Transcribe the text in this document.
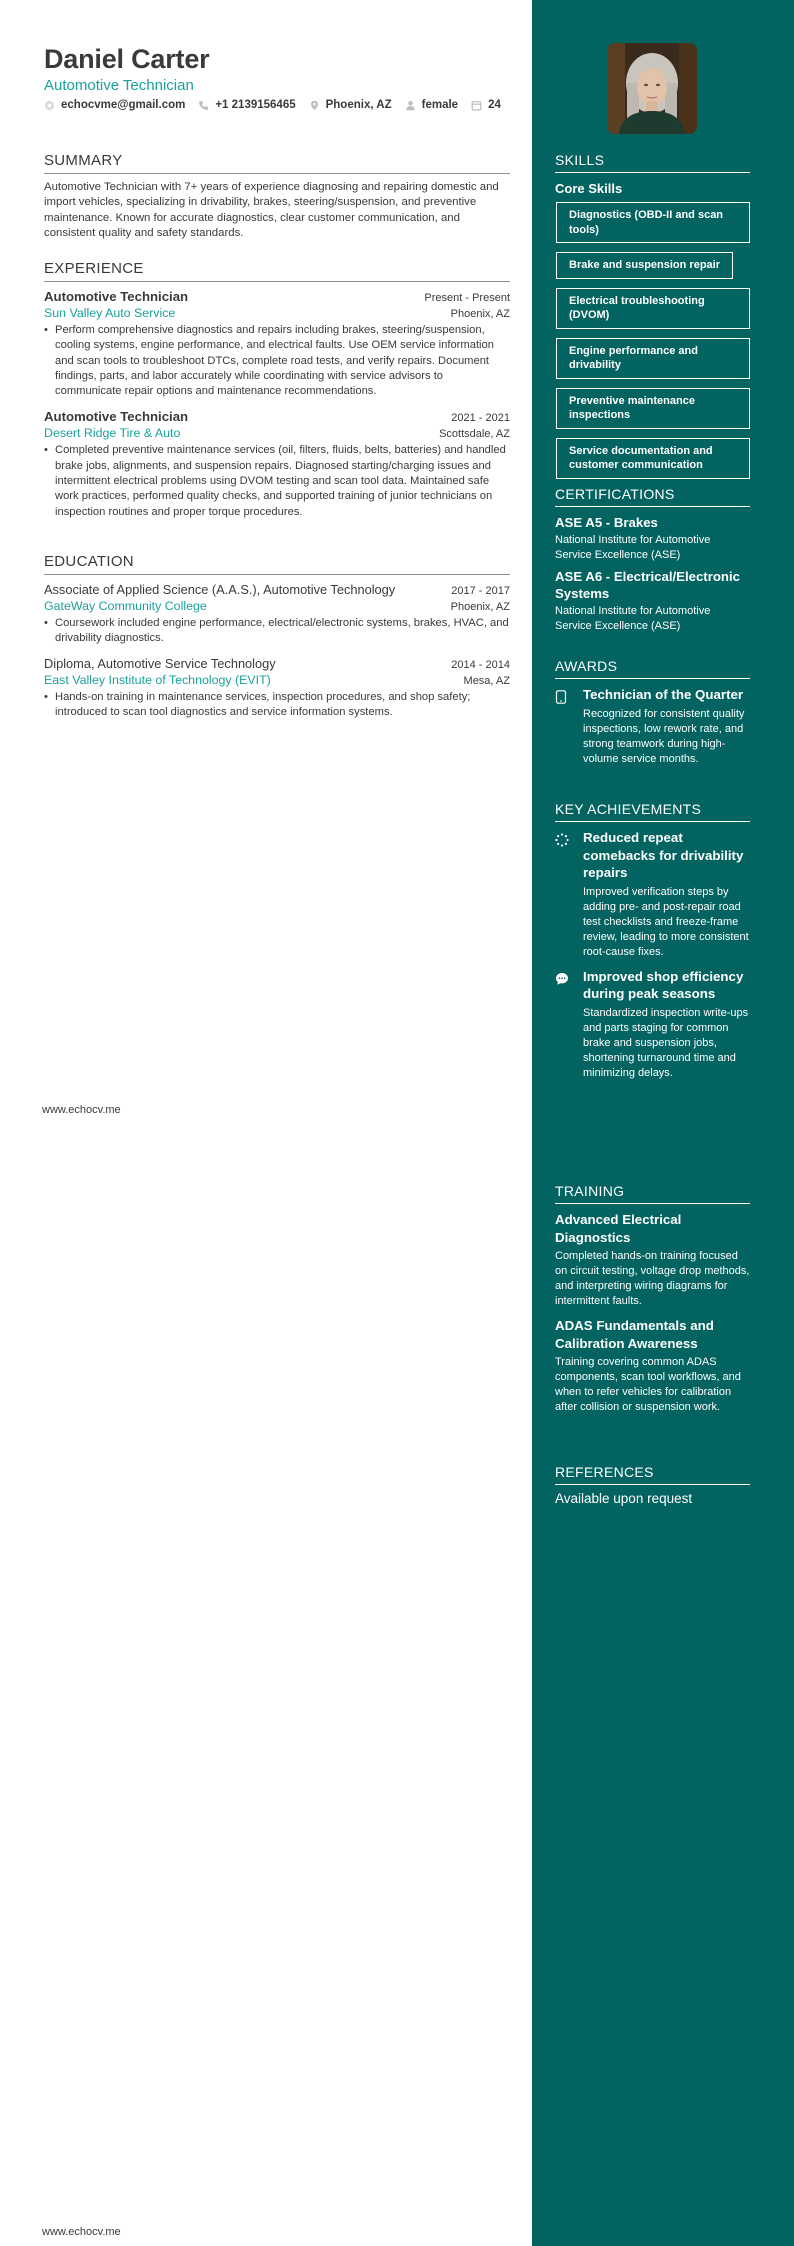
Daniel Carter
Automotive Technician
echocvme@gmail.com	+1 2139156465	Phoenix, AZ	female	24
SUMMARY

Automotive Technician with 7+ years of experience diagnosing and repairing domestic and import vehicles, specializing in drivability, brakes, steering/suspension, and preventive maintenance. Known for accurate diagnostics, clear customer communication, and consistent quality and safety standards.

EXPERIENCE
Automotive Technician	Present - Present
Sun Valley Auto Service	Phoenix, AZ
• Perform comprehensive diagnostics and repairs including brakes, steering/suspension, cooling systems, engine performance, and electrical faults. Use OEM service information and scan tools to troubleshoot DTCs, complete road tests, and verify repairs. Document findings, parts, and labor accurately while coordinating with service advisors to communicate repair options and maintenance recommendations.
Automotive Technician	2021 - 2021
Desert Ridge Tire & Auto	Scottsdale, AZ
• Completed preventive maintenance services (oil, filters, fluids, belts, batteries) and handled brake jobs, alignments, and suspension repairs. Diagnosed starting/charging issues and intermittent electrical problems using DVOM testing and scan tool data. Maintained safe work practices, performed quality checks, and supported training of junior technicians on inspection routines and proper torque procedures.
EDUCATION
Associate of Applied Science (A.A.S.), Automotive Technology	2017 - 2017
GateWay Community College	Phoenix, AZ
• Coursework included engine performance, electrical/electronic systems, brakes, HVAC, and drivability diagnostics.
Diploma, Automotive Service Technology	2014 - 2014
East Valley Institute of Technology (EVIT)	Mesa, AZ
• Hands-on training in maintenance services, inspection procedures, and shop safety; introduced to scan tool diagnostics and service information systems.
www.echocv.me
www.echocv.me
SKILLS
Core Skills
Diagnostics (OBD-II and scan tools)
Brake and suspension repair
Electrical troubleshooting (DVOM)
Engine performance and drivability
Preventive maintenance inspections
Service documentation and customer communication
CERTIFICATIONS
ASE A5 - Brakes
National Institute for Automotive Service Excellence (ASE)
ASE A6 - Electrical/Electronic Systems
National Institute for Automotive Service Excellence (ASE)
AWARDS
Technician of the Quarter
Recognized for consistent quality inspections, low rework rate, and strong teamwork during high-volume service months.
KEY ACHIEVEMENTS
Reduced repeat comebacks for drivability repairs
Improved verification steps by adding pre- and post-repair road test checklists and freeze-frame review, leading to more consistent root-cause fixes.
Improved shop efficiency during peak seasons
Standardized inspection write-ups and parts staging for common brake and suspension jobs, shortening turnaround time and minimizing delays.
TRAINING
Advanced Electrical Diagnostics
Completed hands-on training focused on circuit testing, voltage drop methods, and interpreting wiring diagrams for intermittent faults.
ADAS Fundamentals and Calibration Awareness
Training covering common ADAS components, scan tool workflows, and when to refer vehicles for calibration after collision or suspension work.
REFERENCES
Available upon request
